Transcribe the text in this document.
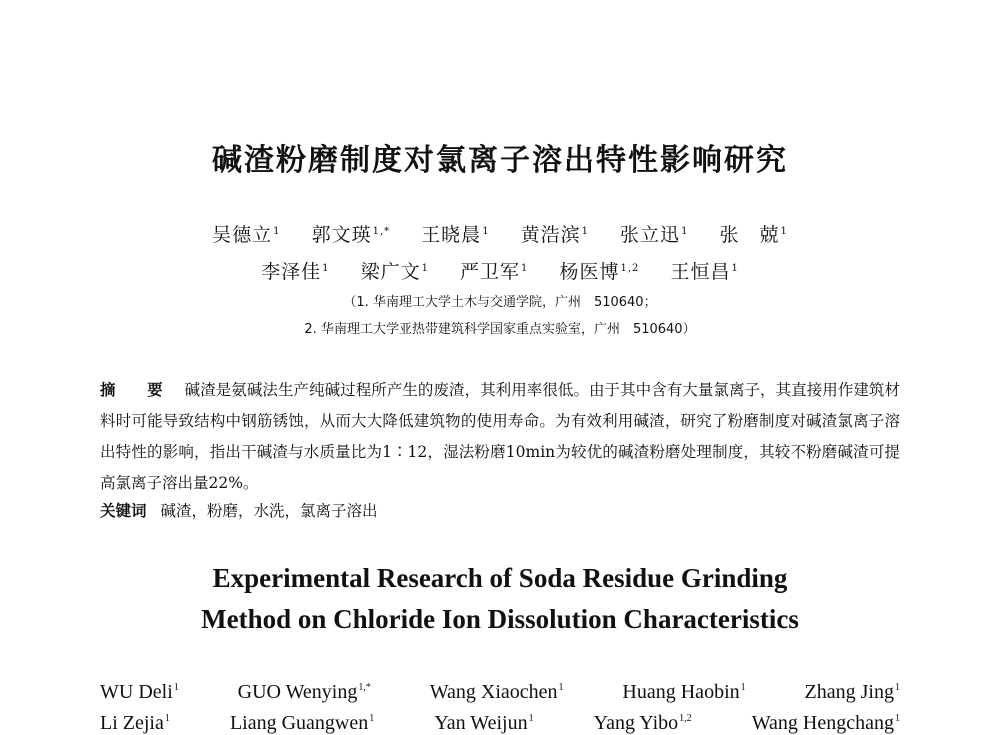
碱渣粉磨制度对氯离子溶出特性影响研究
吴德立$^1$ 郭文瑛$^{1,*}$ 王晓晨$^1$ 黄浩滨$^1$ 张立迅$^1$ 张　兢$^1$
李泽佳$^1$ 梁广文$^1$ 严卫军$^1$ 杨医博$^{1,2}$ 王恒昌$^1$
（1. 华南理工大学土木与交通学院，广州　510640；
2. 华南理工大学亚热带建筑科学国家重点实验室，广州　510640）
摘　要 碱渣是氨碱法生产纯碱过程所产生的废渣，其利用率很低。由于其中含有大量氯离子，其直接用作建筑材料时可能导致结构中钢筋锈蚀，从而大大降低建筑物的使用寿命。为有效利用碱渣，研究了粉磨制度对碱渣氯离子溶出特性的影响，指出干碱渣与水质量比为1∶12，湿法粉磨10min为较优的碱渣粉磨处理制度，其较不粉磨碱渣可提高氯离子溶出量22%。
关键词 碱渣，粉磨，水洗，氯离子溶出
Experimental Research of Soda Residue Grinding
Method on Chloride Ion Dissolution Characteristics
WU Deli$^1$	GUO Wenying$^{1,*}$	Wang Xiaochen$^1$	Huang Haobin$^1$	Zhang Jing$^1$
Li Zejia$^1$	Liang Guangwen$^1$	Yan Weijun$^1$	Yang Yibo$^{1,2}$	Wang Hengchang$^1$
